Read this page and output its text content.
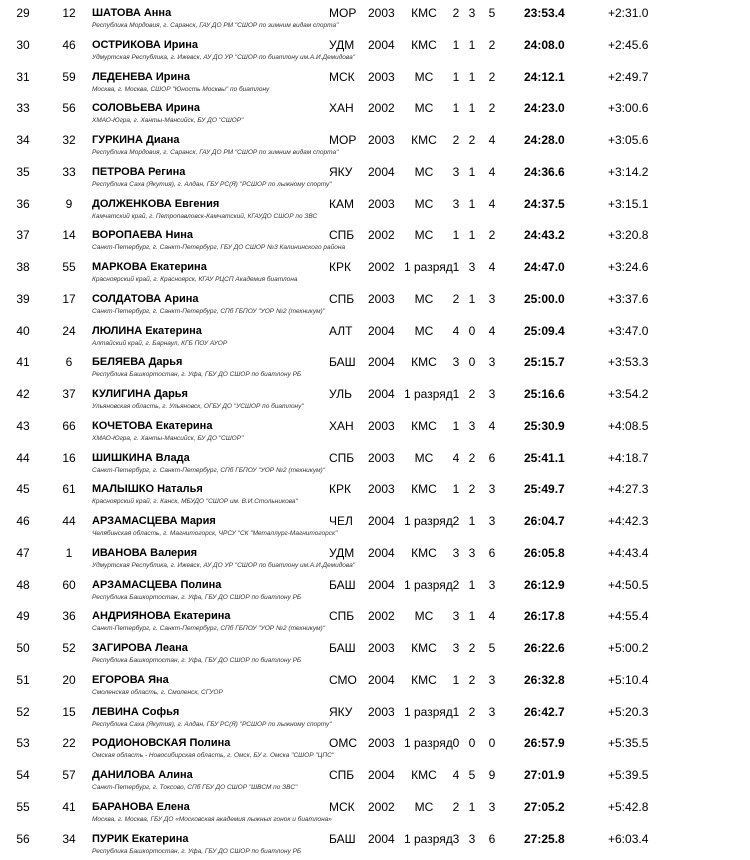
29	12	ШАТОВА Анна	МОР 2003	КМС	2 3	5	23:53.4	+2:31.0
Республика Мордовия, г. Саранск, ГАУ ДО РМ "СШОР по зимним видам спорта"
30	46	ОСТРИКОВА Ирина	УДМ 2004	КМС	1 1	2	24:08.0	+2:45.6
Удмуртская Республика, г. Ижевск, АУ ДО УР "СШОР по биатлону им.А.И.Демидова"
31	59	ЛЕДЕНЕВА Ирина	МСК 2003	МС	1 1	2	24:12.1	+2:49.7
Москва, г. Москва, СШОР "Юность Москвы" по биатлону
33	56	СОЛОВЬЕВА Ирина	ХАН 2002	МС	1 1	2	24:23.0	+3:00.6
ХМАО-Югра, г. Ханты-Мансийск, БУ ДО "СШОР"
34	32	ГУРКИНА Диана	МОР 2003	КМС	2 2	4	24:28.0	+3:05.6
Республика Мордовия, г. Саранск, ГАУ ДО РМ "СШОР по зимним видам спорта"
35	33	ПЕТРОВА Регина	ЯКУ 2004	МС	3 1	4	24:36.6	+3:14.2
Республика Саха (Якутия), г. Алдан, ГБУ РС(Я) "РСШОР по лыжному спорту"
36	9	ДОЛЖЕНКОВА Евгения	КАМ 2003	МС	3 1	4	24:37.5	+3:15.1
Камчатский край, г. Петропавловск-Камчатский, КГАУДО СШОР по ЗВС
37	14	ВОРОПАЕВА Нина	СПБ 2002	МС	1 1	2	24:43.2	+3:20.8
Санкт-Петербург, г. Санкт-Петербург, ГБУ ДО СШОР №3 Калининского района
38	55	МАРКОВА Екатерина	КРК 2002 1 разряд 1 3	4	24:47.0	+3:24.6
Красноярский край, г. Красноярск, КГАУ РЦСП Академия биатлона
39	17	СОЛДАТОВА Арина	СПБ 2003	МС	2 1	3	25:00.0	+3:37.6
Санкт-Петербург, г. Санкт-Петербург, СПб ГБПОУ "УОР №2 (техникум)"
40	24	ЛЮЛИНА Екатерина	АЛТ 2004	МС	4 0	4	25:09.4	+3:47.0
Алтайский край, г. Барнаул, КГБ ПОУ АУОР
41	6	БЕЛЯЕВА Дарья	БАШ 2004	КМС	3 0	3	25:15.7	+3:53.3
Республика Башкортостан, г. Уфа, ГБУ ДО СШОР по биатлону РБ
42	37	КУЛИГИНА Дарья	УЛЬ 2004 1 разряд 1 2	3	25:16.6	+3:54.2
Ульяновская область, г. Ульяновск, ОГБУ ДО "УСШОР по биатлону"
43	66	КОЧЕТОВА Екатерина	ХАН 2003	КМС	1 3	4	25:30.9	+4:08.5
ХМАО-Югра, г. Ханты-Мансийск, БУ ДО "СШОР"
44	16	ШИШКИНА Влада	СПБ 2003	МС	4 2	6	25:41.1	+4:18.7
Санкт-Петербург, г. Санкт-Петербург, СПб ГБПОУ "УОР №2 (техникум)"
45	61	МАЛЫШКО Наталья	КРК 2003	КМС	1 2	3	25:49.7	+4:27.3
Красноярский край, г. Канск, МБУДО "СШОР им. В.И.Стольникова"
46	44	АРЗАМАСЦЕВА Мария	ЧЕЛ 2004 1 разряд 2 1	3	26:04.7	+4:42.3
Челябинская область, г. Магнитогорск, ЧРСУ "СК "Металлург-Магнитогорск"
47	1	ИВАНОВА Валерия	УДМ 2004	КМС	3 3	6	26:05.8	+4:43.4
Удмуртская Республика, г. Ижевск, АУ ДО УР "СШОР по биатлону им.А.И.Демидова"
48	60	АРЗАМАСЦЕВА Полина	БАШ 2004 1 разряд 2 1	3	26:12.9	+4:50.5
Республика Башкортостан, г. Уфа, ГБУ ДО СШОР по биатлону РБ
49	36	АНДРИЯНОВА Екатерина	СПБ 2002	МС	3 1	4	26:17.8	+4:55.4
Санкт-Петербург, г. Санкт-Петербург, СПб ГБПОУ "УОР №2 (техникум)"
50	52	ЗАГИРОВА Леана	БАШ 2003	КМС	3 2	5	26:22.6	+5:00.2
Республика Башкортостан, г. Уфа, ГБУ ДО СШОР по биатлону РБ
51	20	ЕГОРОВА Яна	СМО 2004	КМС	1 2	3	26:32.8	+5:10.4
Смоленская область, г. Смоленск, СГУОР
52	15	ЛЕВИНА Софья	ЯКУ 2003 1 разряд 1 2	3	26:42.7	+5:20.3
Республика Саха (Якутия), г. Алдан, ГБУ РС(Я) "РСШОР по лыжному спорту"
53	22	РОДИОНОВСКАЯ Полина	ОМС 2003 1 разряд 0 0	0	26:57.9	+5:35.5
Омская область - Новосибирская область, г. Омск, БУ г. Омска "СШОР "ЦПС"
54	57	ДАНИЛОВА Алина	СПБ 2004	КМС	4 5	9	27:01.9	+5:39.5
Санкт-Петербург, г. Токсово, СПб ГБУ ДО СШОР "ШВСМ по ЗВС"
55	41	БАРАНОВА Елена	МСК 2002	МС	2 1	3	27:05.2	+5:42.8
Москва, г. Москва, ГБУ ДО «Московская академия лыжных гонок и биатлона»
56	34	ПУРИК Екатерина	БАШ 2004 1 разряд 3 3	6	27:25.8	+6:03.4
Республика Башкортостан, г. Уфа, ГБУ ДО СШОР по биатлону РБ
